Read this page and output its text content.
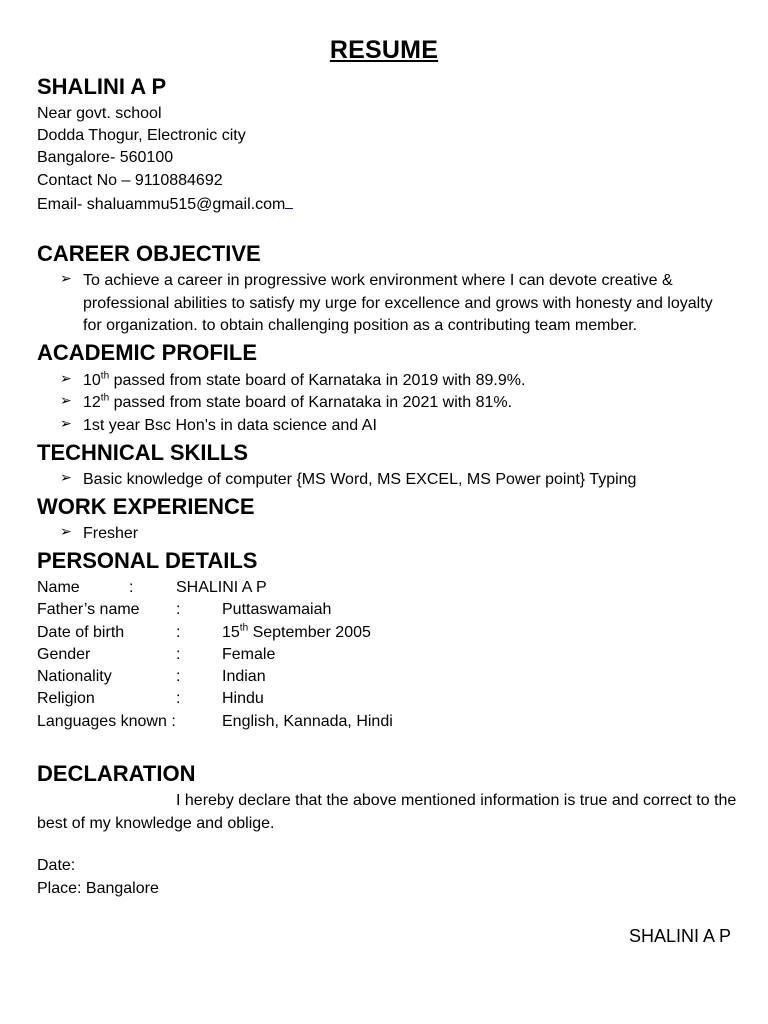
RESUME
SHALINI A P
Near govt. school
Dodda Thogur, Electronic city
Bangalore- 560100
Contact No – 9110884692
Email- shaluammu515@gmail.com
CAREER OBJECTIVE
➢ To achieve a career in progressive work environment where I can devote creative & professional abilities to satisfy my urge for excellence and grows with honesty and loyalty for organization. to obtain challenging position as a contributing team member.
ACADEMIC PROFILE
➢ 10th passed from state board of Karnataka in 2019 with 89.9%.
➢ 12th passed from state board of Karnataka in 2021 with 81%.
➢ 1st year Bsc Hon's in data science and AI
TECHNICAL SKILLS
➢ Basic knowledge of computer {MS Word, MS EXCEL, MS Power point} Typing
WORK EXPERIENCE
➢ Fresher
PERSONAL DETAILS
Name	:	SHALINI A P
Father’s name :	Puttaswamaiah
Date of birth	:	15th September 2005
Gender	:	Female
Nationality	:	Indian
Religion	:	Hindu
Languages known :	English, Kannada, Hindi
DECLARATION
I hereby declare that the above mentioned information is true and correct to the best of my knowledge and oblige.
Date:
Place: Bangalore
SHALINI A P
